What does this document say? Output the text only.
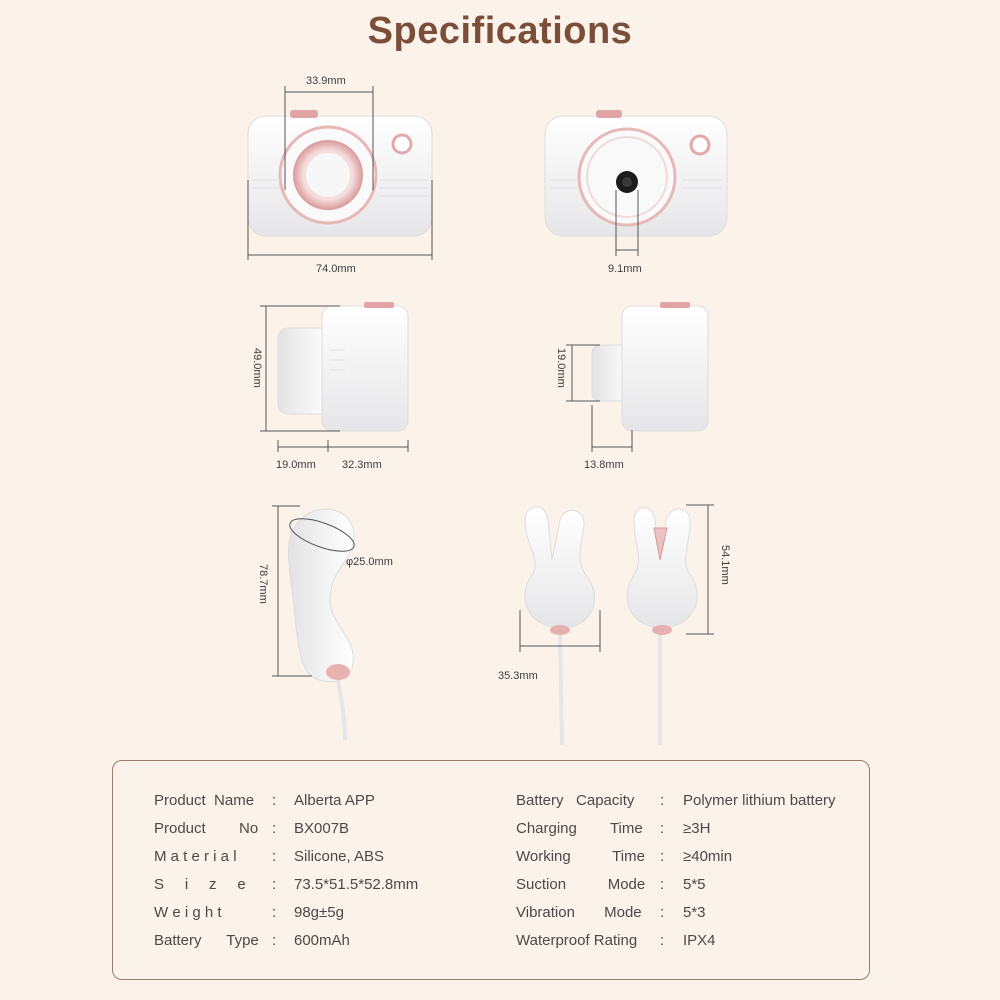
Specifications
33.9mm
74.0mm	9.1mm
49.0mm
19.0mm 32.3mm
19.0mm
13.8mm
78.7mm
φ25.0mm	54.1mm
35.3mm
Product  Name : Alberta APP
Product        No : BX007B
M a t e r i a l : Silicone, ABS
S     i     z     e : 73.5*51.5*52.8mm
W e i g h t	: 98g±5g
Battery      Type : 600mAh
Battery   Capacity : Polymer lithium battery
Charging        Time : ≥3H
Working          Time : ≥40min
Suction          Mode : 5*5
Vibration       Mode : 5*3
Waterproof Rating : IPX4
